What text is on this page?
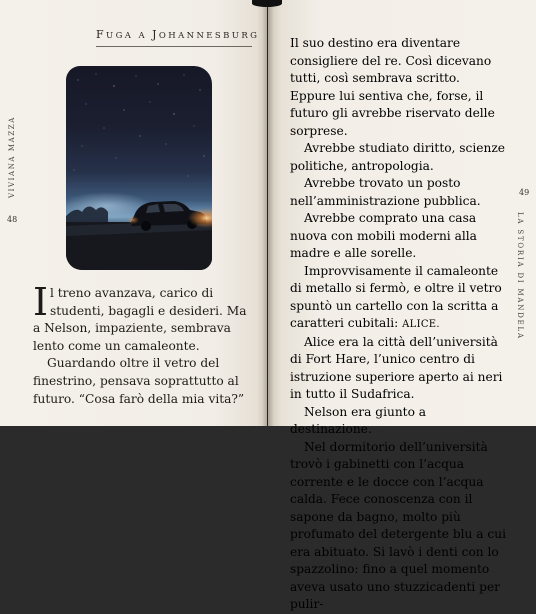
FUGA A JOHANNESBURG
VIVIANA MAZZA
48

Il treno avanzava, carico di studenti, bagagli e desideri. Ma a Nelson, impaziente, sembrava lento come un camaleonte.

Guardando oltre il vetro del finestrino, pensava soprattutto al futuro. “Cosa farò della mia vita?”

49
LA STORIA DI MANDELA

Il suo destino era diventare consigliere del re. Così dicevano tutti, così sembrava scritto. Eppure lui sentiva che, forse, il futuro gli avrebbe riservato delle sorprese.

Avrebbe studiato diritto, scienze politiche, antropologia.

Avrebbe trovato un posto nell’amministrazione pubblica.

Avrebbe comprato una casa nuova con mobili moderni alla madre e alle sorelle.

Improvvisamente il camaleonte di metallo si fermò, e oltre il vetro spuntò un cartello con la scritta a caratteri cubitali: ALICE.

Alice era la città dell’università di Fort Hare, l’unico centro di istruzione superiore aperto ai neri in tutto il Sudafrica.

Nelson era giunto a destinazione.

Nel dormitorio dell’università trovò i gabinetti con l’acqua corrente e le docce con l’acqua calda. Fece conoscenza con il sapone da bagno, molto più profumato del detergente blu a cui era abituato. Si lavò i denti con lo spazzolino: fino a quel momento aveva usato uno stuzzicadenti per pulir-
